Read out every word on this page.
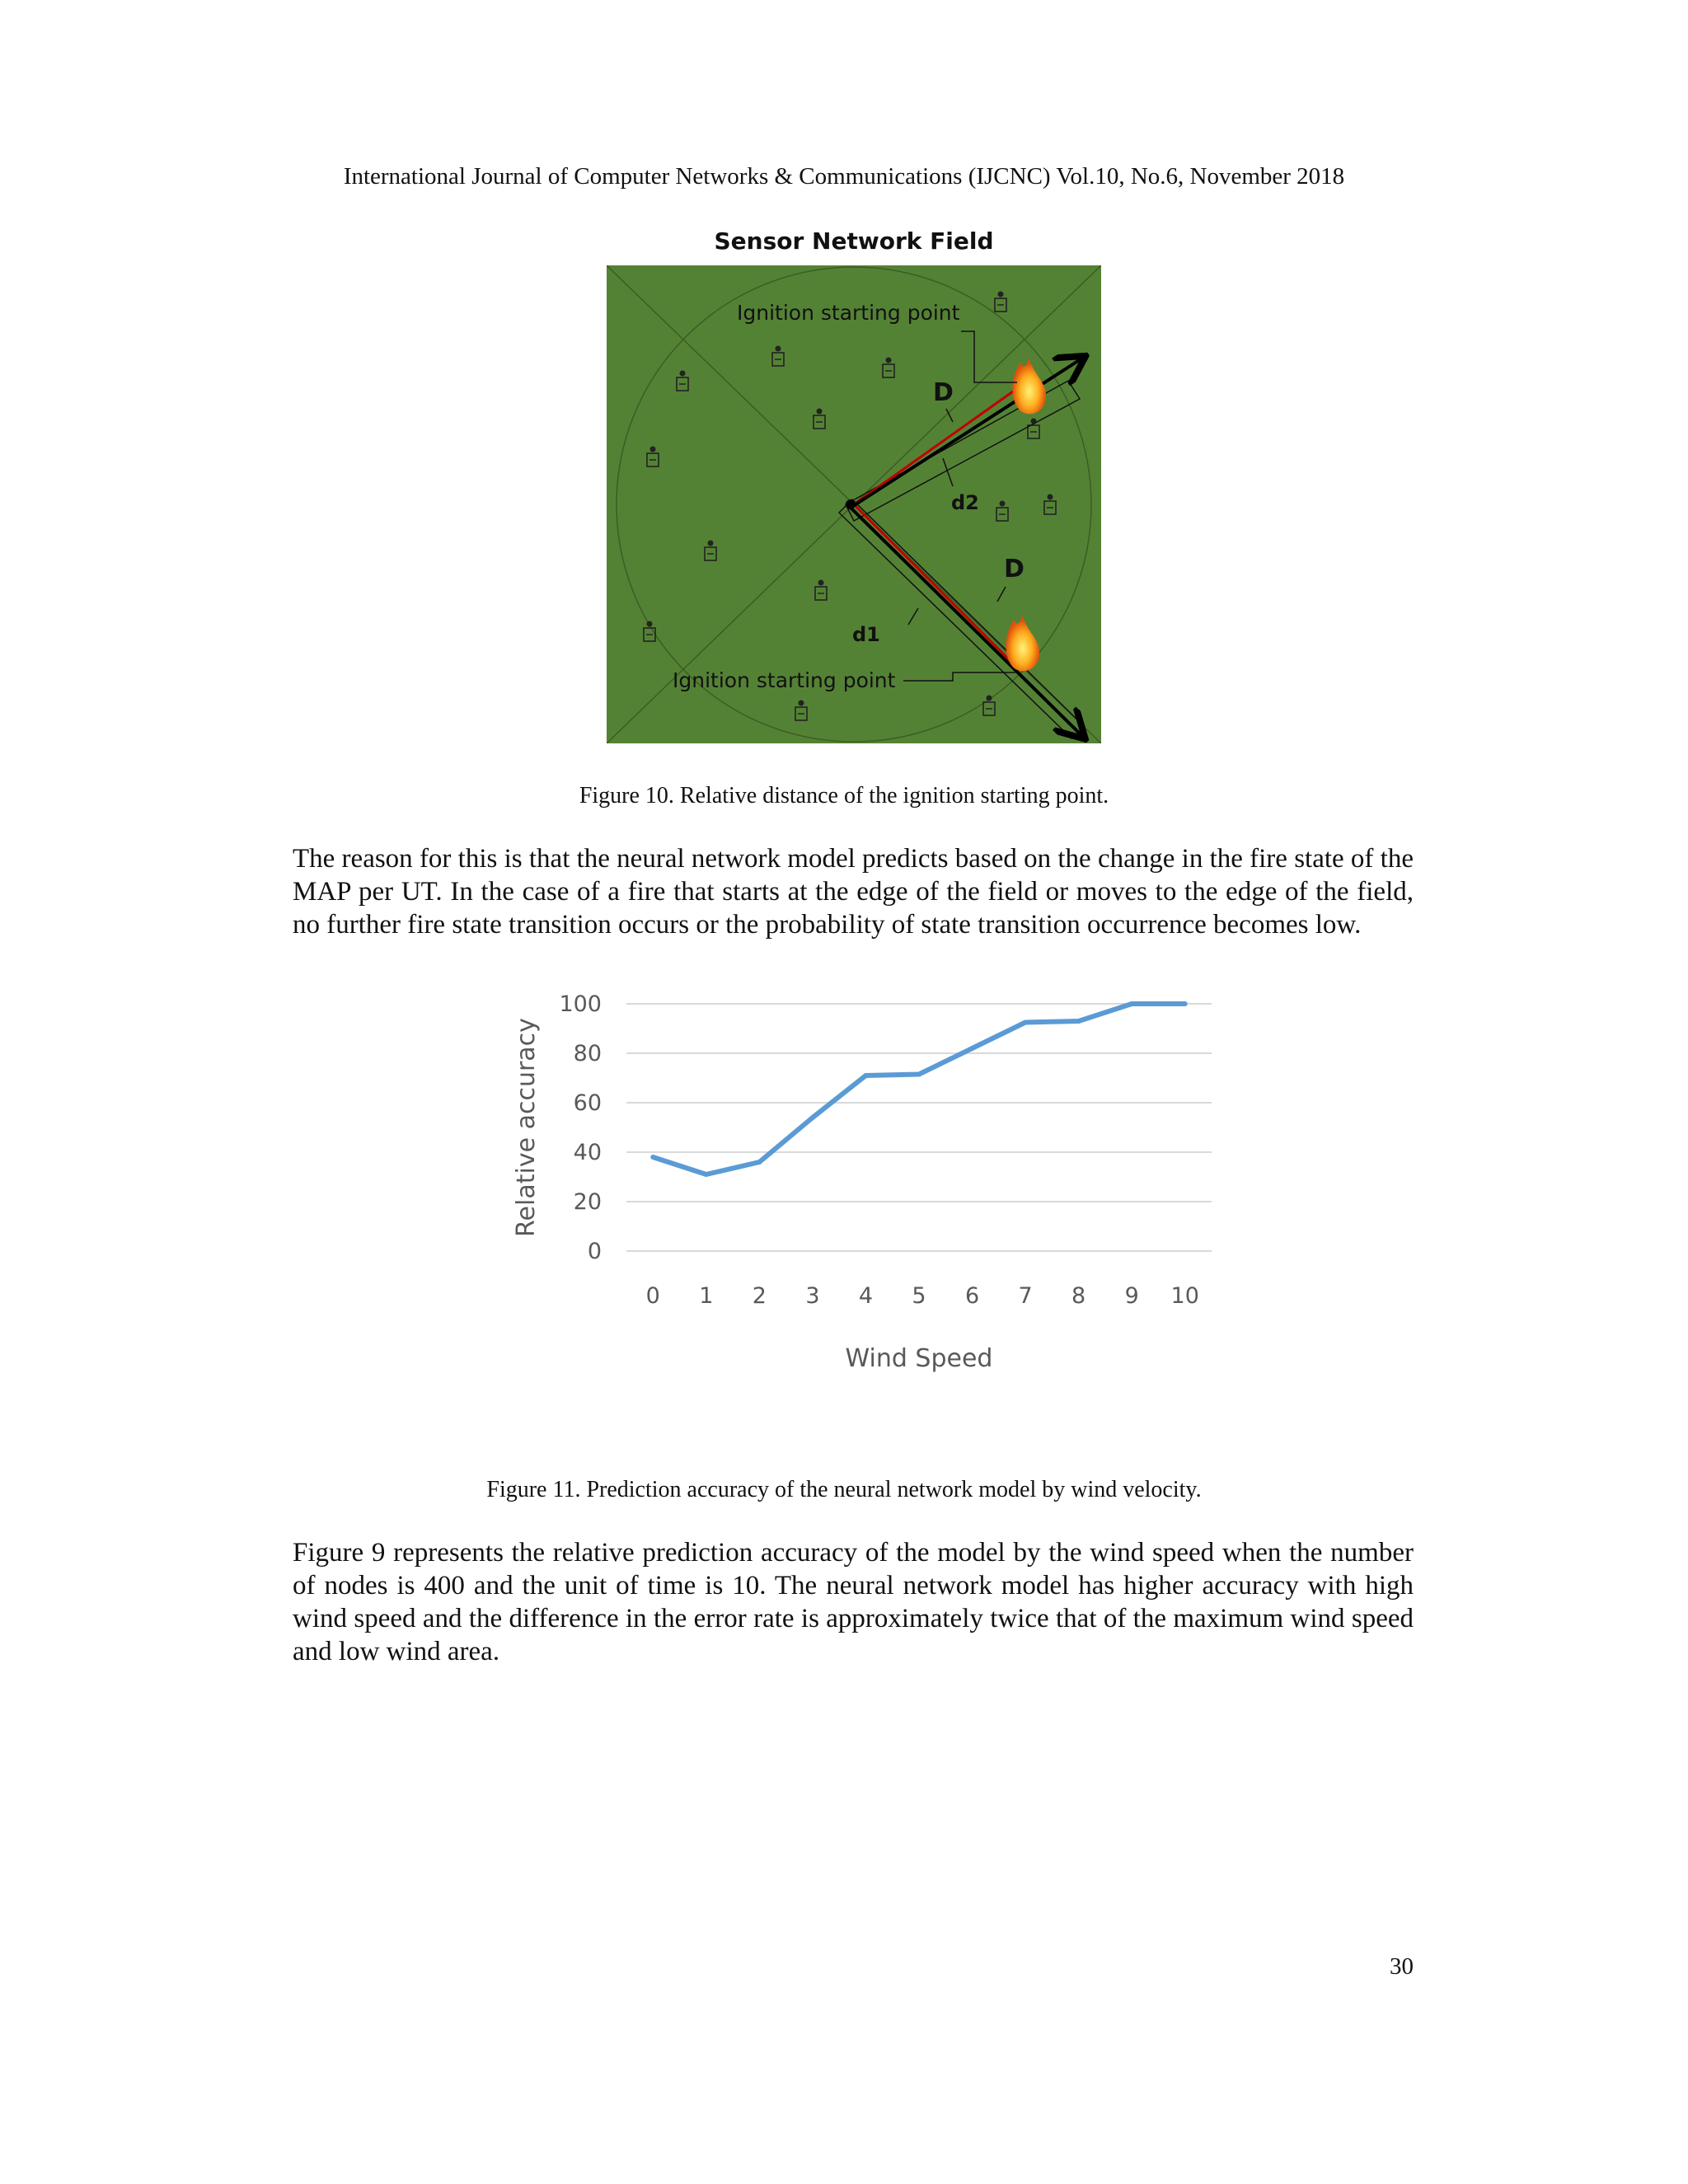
International Journal of Computer Networks & Communications (IJCNC) Vol.10, No.6, November 2018
Sensor Network Field
Ignition starting point
D
d2
D
d1
Ignition starting point
Figure 10. Relative distance of the ignition starting point.
The reason for this is that the neural network model predicts based on the change in the fire state of the MAP per UT. In the case of a fire that starts at the edge of the field or moves to the edge of the field, no further fire state transition occurs or the probability of state transition occurrence becomes low.
0
20
40
60
80
100
0 1 2 3 4 5 6 7 8 9 10
Wind Speed
Relative accuracy
Figure 11. Prediction accuracy of the neural network model by wind velocity.
Figure 9 represents the relative prediction accuracy of the model by the wind speed when the number of nodes is 400 and the unit of time is 10. The neural network model has higher accuracy with high wind speed and the difference in the error rate is approximately twice that of the maximum wind speed and low wind area.
30
